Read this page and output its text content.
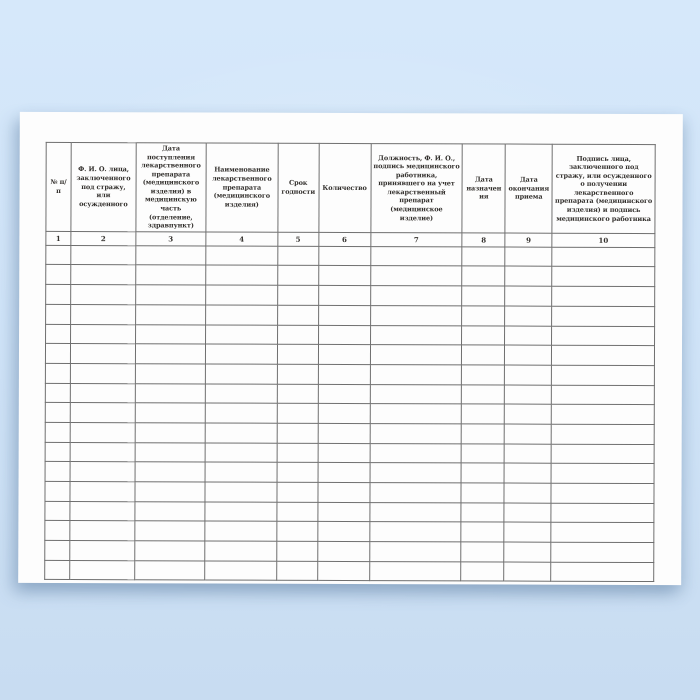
№ п/п	Ф. И. О. лица, заключенного под стражу, или осужденного	Дата поступления лекарственного препарата (медицинского изделия) в медицинскую часть (отделение, здравпункт)	Наименование лекарственного препарата (медицинского изделия)	Срок годности	Количество	Должность, Ф. И. О., подпись медицинского работника, принявшего на учет лекарственный препарат (медицинское изделие)	Дата назначения	Дата окончания приема	Подпись лица, заключенного под стражу, или осужденного о получении лекарственного препарата (медицинского изделия) и подпись медицинского работника
1	2	3	4	5	6	7	8	9	10
